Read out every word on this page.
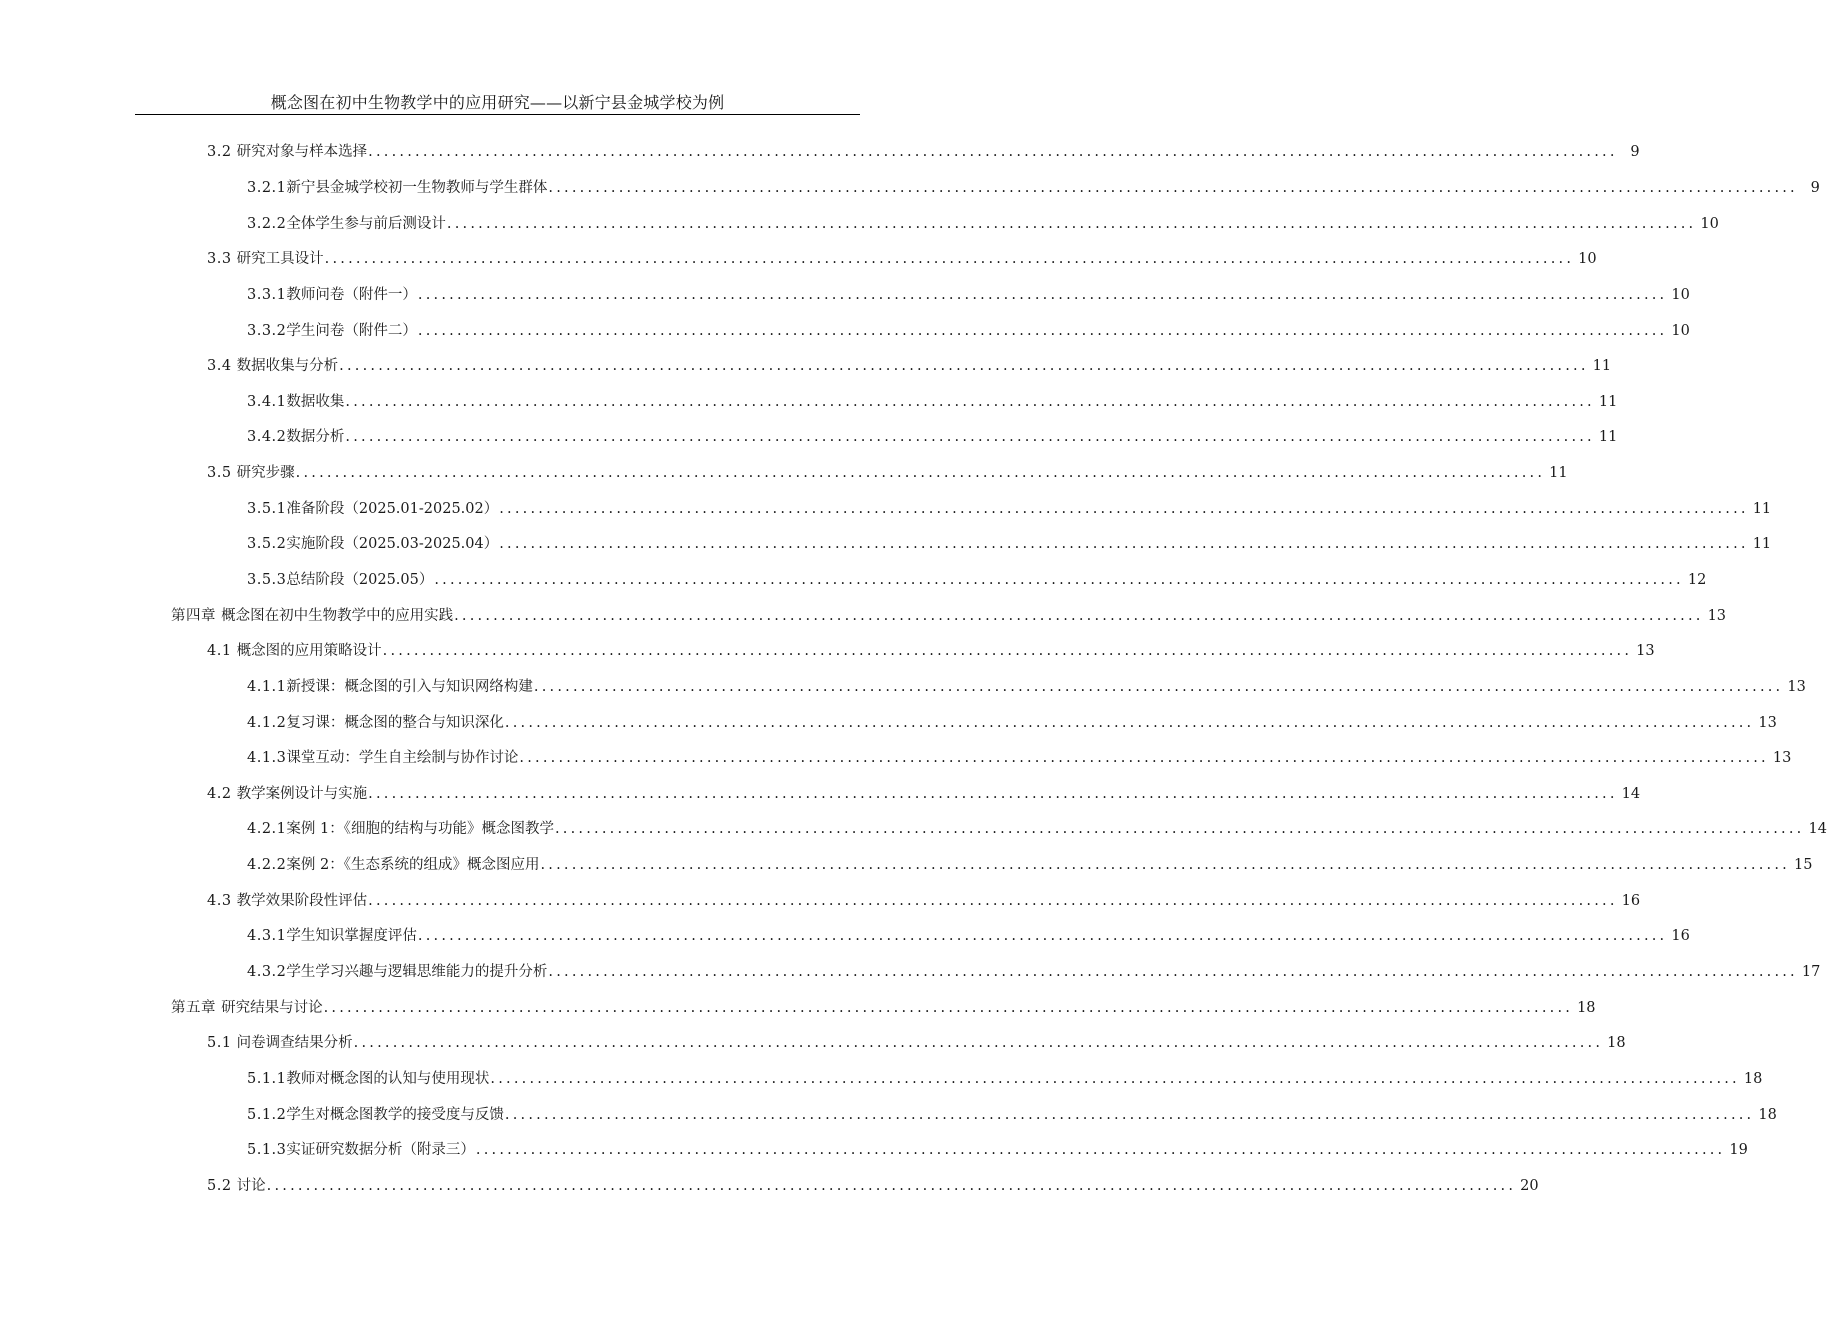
概念图在初中生物教学中的应用研究——以新宁县金城学校为例
3.2 研究对象与样本选择 ................................................................................................................................................................ 9
3.2.1 新宁县金城学校初一生物教师与学生群体 ................................................................................................................................................................ 9
3.2.2 全体学生参与前后测设计 ................................................................................................................................................................ 10
3.3 研究工具设计 ................................................................................................................................................................ 10
3.3.1 教师问卷（附件一） ................................................................................................................................................................ 10
3.3.2 学生问卷（附件二） ................................................................................................................................................................ 10
3.4 数据收集与分析 ................................................................................................................................................................ 11
3.4.1 数据收集 ................................................................................................................................................................ 11
3.4.2 数据分析 ................................................................................................................................................................ 11
3.5 研究步骤 ................................................................................................................................................................ 11
3.5.1 准备阶段（2025.01-2025.02） ................................................................................................................................................................ 11
3.5.2 实施阶段（2025.03-2025.04） ................................................................................................................................................................ 11
3.5.3 总结阶段（2025.05） ................................................................................................................................................................ 12
第四章 概念图在初中生物教学中的应用实践 ................................................................................................................................................................ 13
4.1 概念图的应用策略设计 ................................................................................................................................................................ 13
4.1.1 新授课：概念图的引入与知识网络构建 ................................................................................................................................................................ 13
4.1.2 复习课：概念图的整合与知识深化 ................................................................................................................................................................ 13
4.1.3 课堂互动：学生自主绘制与协作讨论 ................................................................................................................................................................ 13
4.2 教学案例设计与实施 ................................................................................................................................................................ 14
4.2.1 案例 1：《细胞的结构与功能》概念图教学 ................................................................................................................................................................ 14
4.2.2 案例 2：《生态系统的组成》概念图应用 ................................................................................................................................................................ 15
4.3 教学效果阶段性评估 ................................................................................................................................................................ 16
4.3.1 学生知识掌握度评估 ................................................................................................................................................................ 16
4.3.2 学生学习兴趣与逻辑思维能力的提升分析 ................................................................................................................................................................ 17
第五章 研究结果与讨论 ................................................................................................................................................................ 18
5.1 问卷调查结果分析 ................................................................................................................................................................ 18
5.1.1 教师对概念图的认知与使用现状 ................................................................................................................................................................ 18
5.1.2 学生对概念图教学的接受度与反馈 ................................................................................................................................................................ 18
5.1.3 实证研究数据分析（附录三） ................................................................................................................................................................ 19
5.2 讨论 ................................................................................................................................................................ 20
